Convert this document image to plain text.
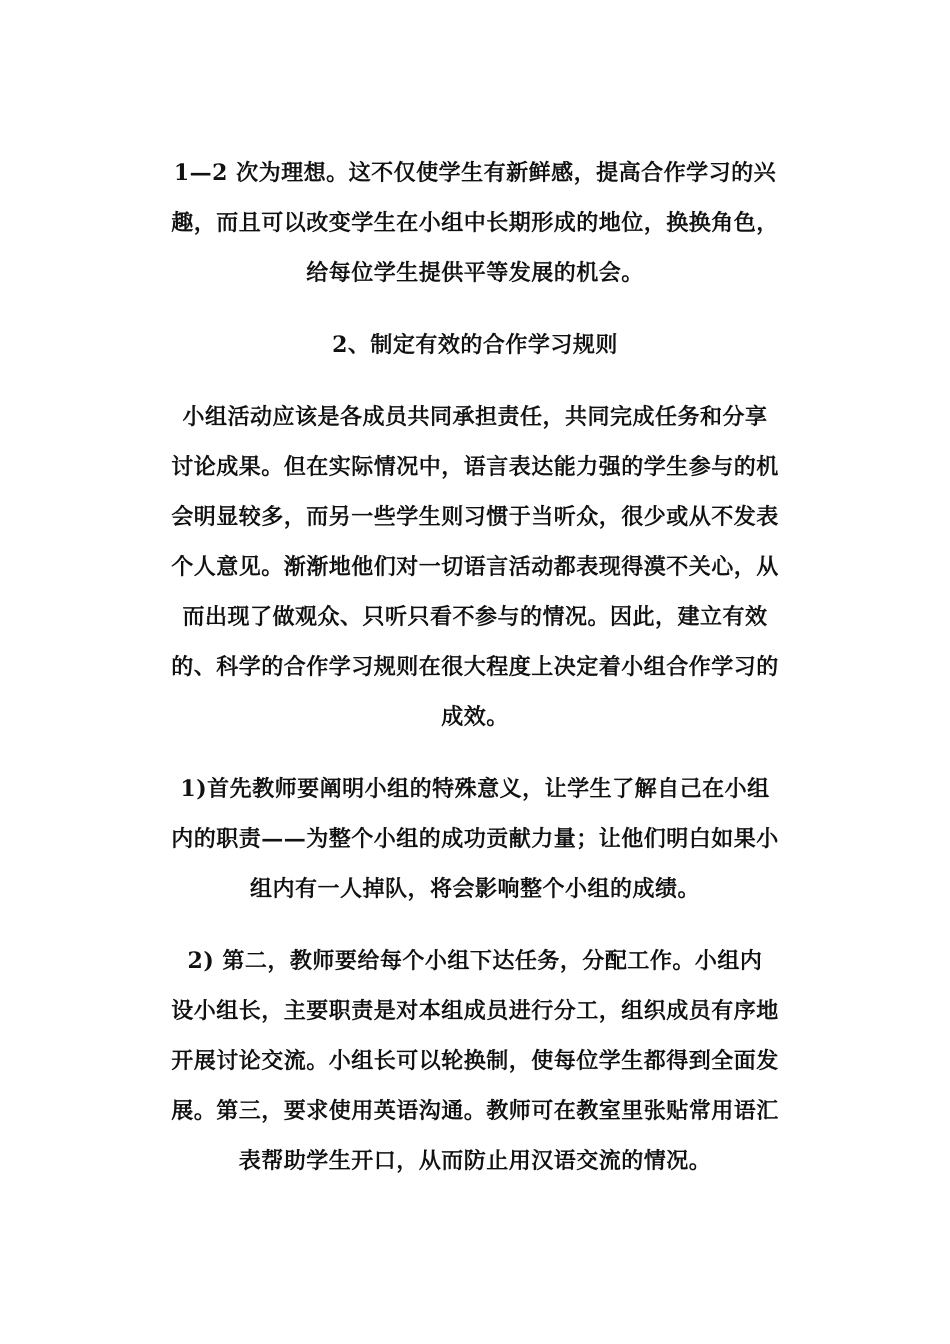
1—2 次为理想。这不仅使学生有新鲜感，提高合作学习的兴
趣，而且可以改变学生在小组中长期形成的地位，换换角色，
给每位学生提供平等发展的机会。
2、制定有效的合作学习规则
小组活动应该是各成员共同承担责任，共同完成任务和分享
讨论成果。但在实际情况中，语言表达能力强的学生参与的机
会明显较多，而另一些学生则习惯于当听众，很少或从不发表
个人意见。渐渐地他们对一切语言活动都表现得漠不关心，从
而出现了做观众、只听只看不参与的情况。因此，建立有效
的、科学的合作学习规则在很大程度上决定着小组合作学习的
成效。
1)首先教师要阐明小组的特殊意义，让学生了解自己在小组
内的职责——为整个小组的成功贡献力量；让他们明白如果小
组内有一人掉队，将会影响整个小组的成绩。
2) 第二，教师要给每个小组下达任务，分配工作。小组内
设小组长，主要职责是对本组成员进行分工，组织成员有序地
开展讨论交流。小组长可以轮换制，使每位学生都得到全面发
展。第三，要求使用英语沟通。教师可在教室里张贴常用语汇
表帮助学生开口，从而防止用汉语交流的情况。
